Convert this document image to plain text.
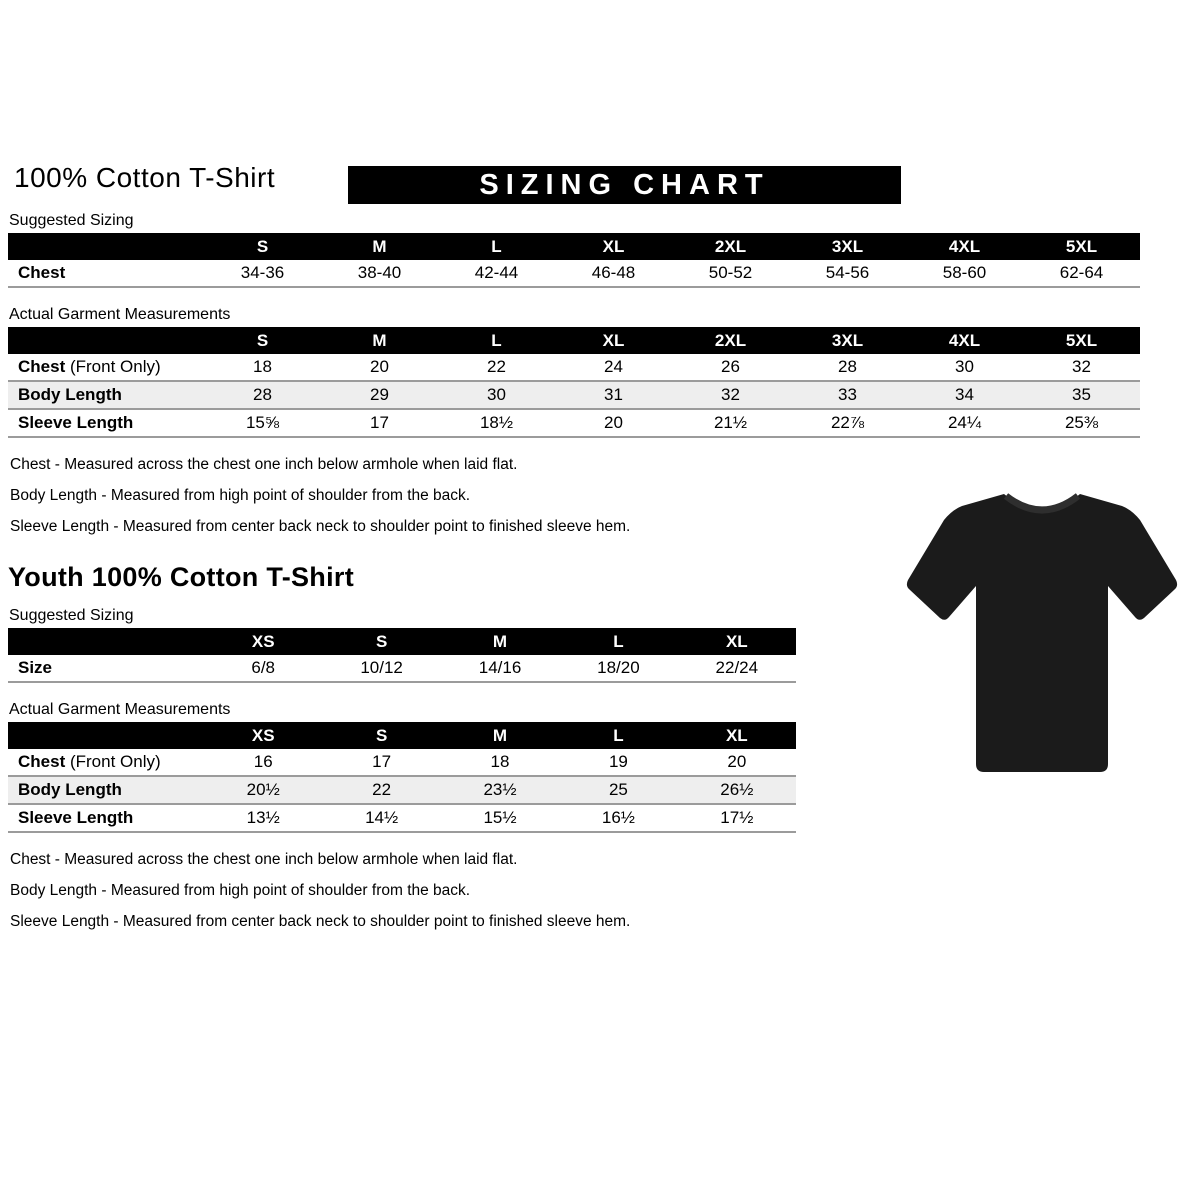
100% Cotton T-Shirt	SIZING CHART
Suggested Sizing
S	M	L	XL	2XL	3XL	4XL	5XL
Chest	34-36	38-40	42-44	46-48	50-52	54-56	58-60	62-64
Actual Garment Measurements
S	M	L	XL	2XL	3XL	4XL	5XL
Chest (Front Only)	18	20	22	24	26	28	30	32
Body Length	28	29	30	31	32	33	34	35
Sleeve Length	15⅝	17	18½	20	21½	22⅞	24¼	25⅜

Chest - Measured across the chest one inch below armhole when laid flat.

Body Length - Measured from high point of shoulder from the back.

Sleeve Length - Measured from center back neck to shoulder point to finished sleeve hem.

Youth 100% Cotton T-Shirt
Suggested Sizing
XS	S	M	L	XL
Size	6/8	10/12	14/16	18/20	22/24
Actual Garment Measurements
XS	S	M	L	XL
Chest (Front Only)	16	17	18	19	20
Body Length	20½	22	23½	25	26½
Sleeve Length	13½	14½	15½	16½	17½

Chest - Measured across the chest one inch below armhole when laid flat.

Body Length - Measured from high point of shoulder from the back.

Sleeve Length - Measured from center back neck to shoulder point to finished sleeve hem.
